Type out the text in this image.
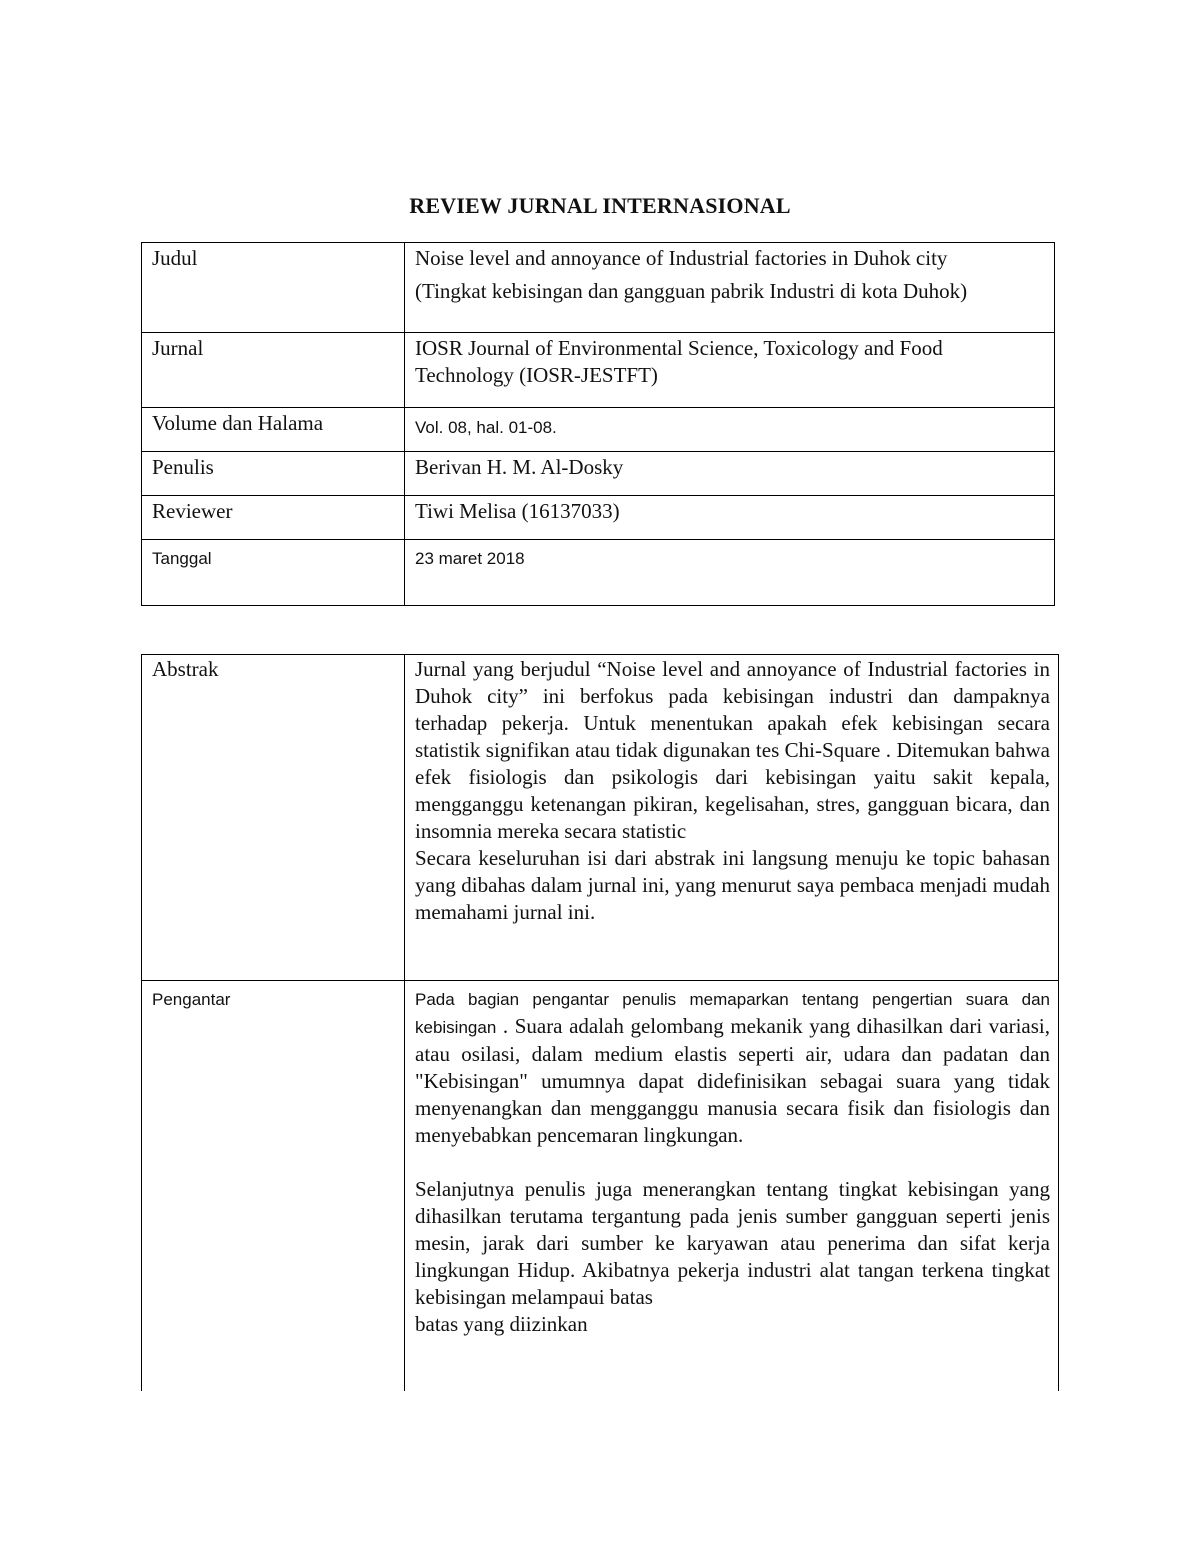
REVIEW JURNAL INTERNASIONAL
Judul	Noise level and annoyance of Industrial factories in Duhok city
(Tingkat kebisingan dan gangguan pabrik Industri di kota Duhok)

Jurnal	IOSR Journal of Environmental Science, Toxicology and Food Technology (IOSR-JESTFT)
Volume dan Halama	Vol. 08, hal. 01-08.
Penulis	Berivan H. M. Al-Dosky
Reviewer	Tiwi Melisa (16137033)
Tanggal	23 maret 2018
Abstrak	Jurnal yang berjudul “Noise level and annoyance of Industrial factories in Duhok city” ini berfokus pada kebisingan industri dan dampaknya terhadap pekerja. Untuk menentukan apakah efek kebisingan secara statistik signifikan atau tidak digunakan tes Chi-Square . Ditemukan bahwa efek fisiologis dan psikologis dari kebisingan yaitu sakit kepala, mengganggu ketenangan pikiran, kegelisahan, stres, gangguan bicara, dan insomnia mereka secara statistic
Secara keseluruhan isi dari abstrak ini langsung menuju ke topic bahasan yang dibahas dalam jurnal ini, yang menurut saya pembaca menjadi mudah memahami jurnal ini.

Pengantar	Pada bagian pengantar penulis memaparkan tentang pengertian suara dan kebisingan . Suara adalah gelombang mekanik yang dihasilkan dari variasi, atau osilasi, dalam medium elastis seperti air, udara dan padatan dan "Kebisingan" umumnya dapat didefinisikan sebagai suara yang tidak menyenangkan dan mengganggu manusia secara fisik dan fisiologis dan menyebabkan pencemaran lingkungan.
Selanjutnya penulis juga menerangkan tentang tingkat kebisingan yang dihasilkan terutama tergantung pada jenis sumber gangguan seperti jenis mesin, jarak dari sumber ke karyawan atau penerima dan sifat kerja lingkungan Hidup. Akibatnya pekerja industri alat tangan terkena tingkat kebisingan melampaui batas
batas yang diizinkan
